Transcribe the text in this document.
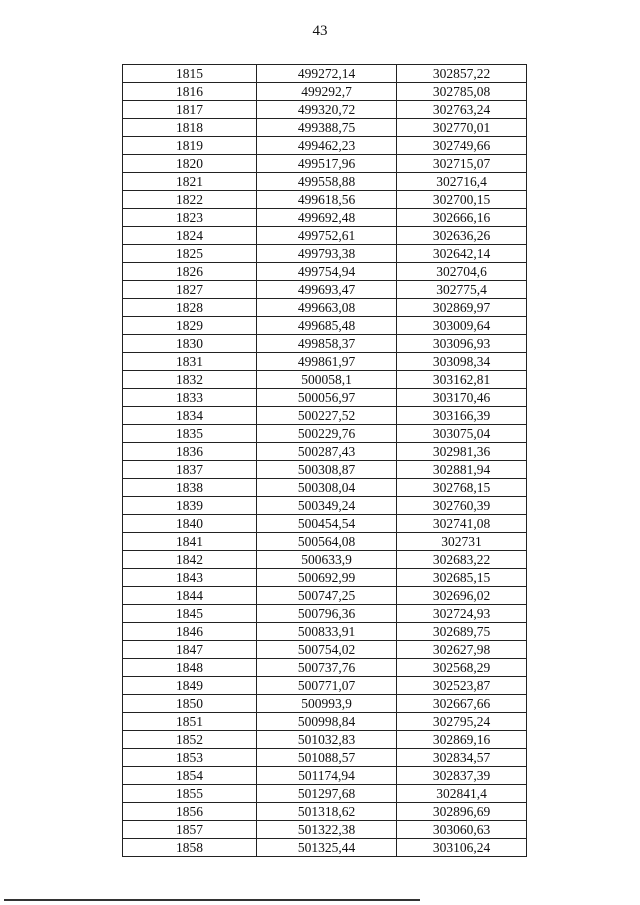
43
1815	499272,14	302857,22
1816	499292,7	302785,08
1817	499320,72	302763,24
1818	499388,75	302770,01
1819	499462,23	302749,66
1820	499517,96	302715,07
1821	499558,88	302716,4
1822	499618,56	302700,15
1823	499692,48	302666,16
1824	499752,61	302636,26
1825	499793,38	302642,14
1826	499754,94	302704,6
1827	499693,47	302775,4
1828	499663,08	302869,97
1829	499685,48	303009,64
1830	499858,37	303096,93
1831	499861,97	303098,34
1832	500058,1	303162,81
1833	500056,97	303170,46
1834	500227,52	303166,39
1835	500229,76	303075,04
1836	500287,43	302981,36
1837	500308,87	302881,94
1838	500308,04	302768,15
1839	500349,24	302760,39
1840	500454,54	302741,08
1841	500564,08	302731
1842	500633,9	302683,22
1843	500692,99	302685,15
1844	500747,25	302696,02
1845	500796,36	302724,93
1846	500833,91	302689,75
1847	500754,02	302627,98
1848	500737,76	302568,29
1849	500771,07	302523,87
1850	500993,9	302667,66
1851	500998,84	302795,24
1852	501032,83	302869,16
1853	501088,57	302834,57
1854	501174,94	302837,39
1855	501297,68	302841,4
1856	501318,62	302896,69
1857	501322,38	303060,63
1858	501325,44	303106,24
